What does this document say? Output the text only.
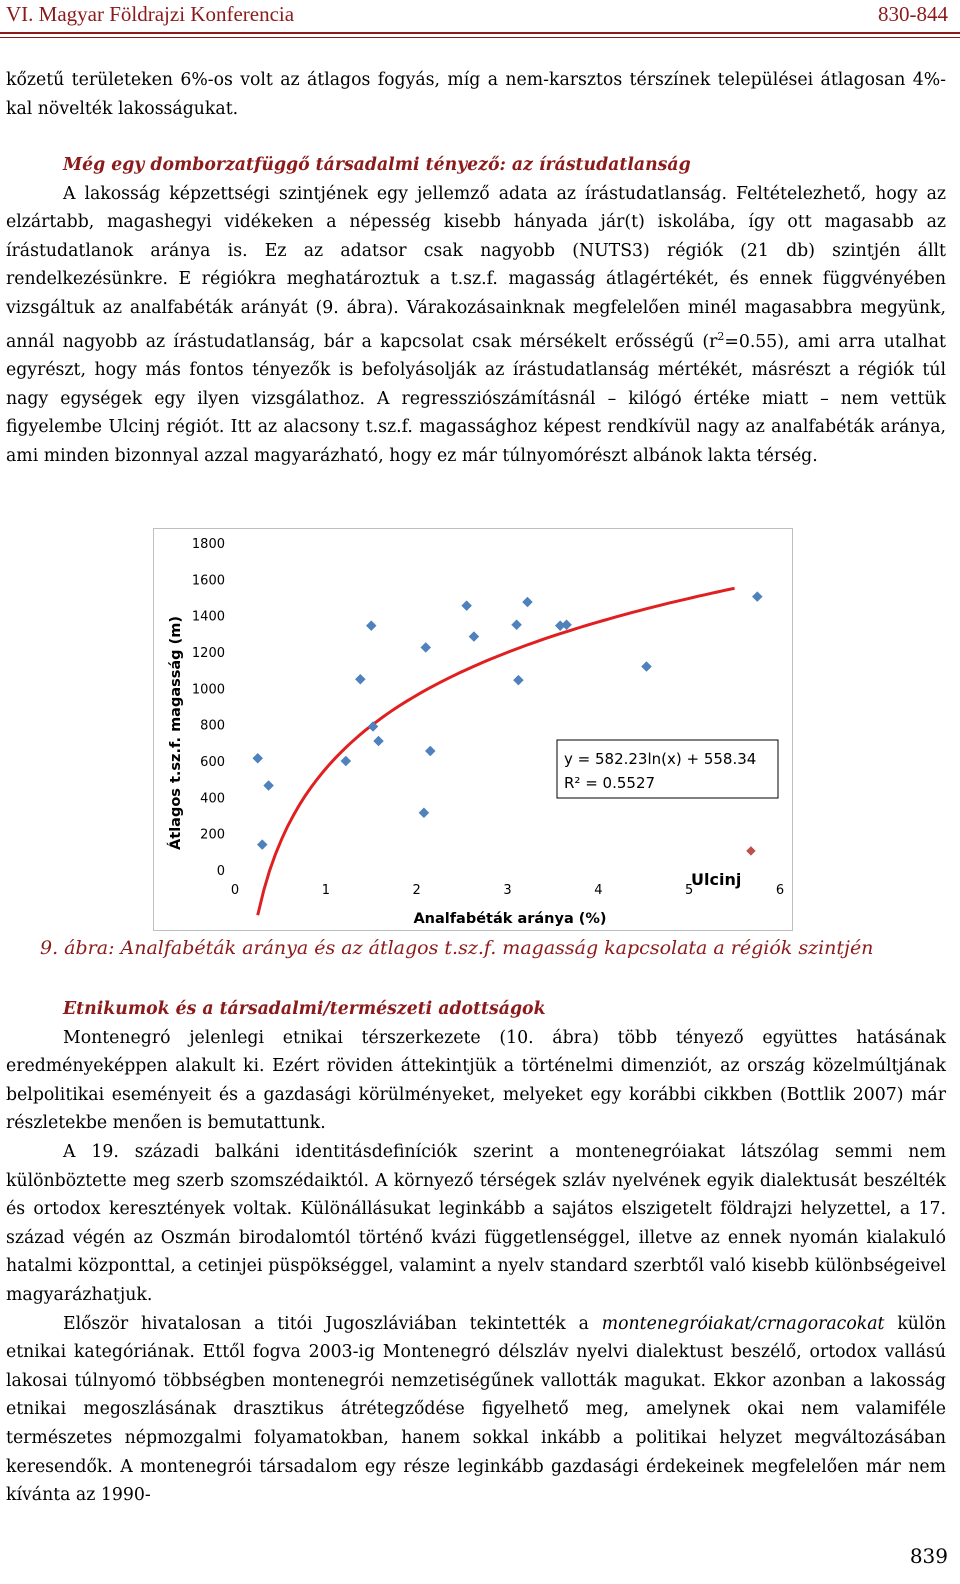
VI. Magyar Földrajzi Konferencia	830-844

kőzetű területeken 6%-os volt az átlagos fogyás, míg a nem-karsztos térszínek települései átlagosan 4%-kal növelték lakosságukat.

Még egy domborzatfüggő társadalmi tényező: az írástudatlanság

A lakosság képzettségi szintjének egy jellemző adata az írástudatlanság. Feltételezhető, hogy az elzártabb, magashegyi vidékeken a népesség kisebb hányada jár(t) iskolába, így ott magasabb az írástudatlanok aránya is. Ez az adatsor csak nagyobb (NUTS3) régiók (21 db) szintjén állt rendelkezésünkre. E régiókra meghatároztuk a t.sz.f. magasság átlagértékét, és ennek függvényében vizsgáltuk az analfabéták arányát (9. ábra). Várakozásainknak megfelelően minél magasabbra megyünk, annál nagyobb az írástudatlanság, bár a kapcsolat csak mérsékelt erősségű $(r^2=0.55)$, ami arra utalhat egyrészt, hogy más fontos tényezők is befolyásolják az írástudatlanság mértékét, másrészt a régiók túl nagy egységek egy ilyen vizsgálathoz. A regressziószámításnál – kilógó értéke miatt – nem vettük figyelembe Ulcinj régiót. Itt az alacsony t.sz.f. magassághoz képest rendkívül nagy az analfabéták aránya, ami minden bizonnyal azzal magyarázható, hogy ez már túlnyomórészt albánok lakta térség.

0
200
400
600
800
1000
1200
1400
1600
1800
0	1	2	3	4	5	6
y = 582.23ln(x) + 558.34
R² = 0.5527
Ulcinj
Átlagos t.sz.f. magasság (m)
Analfabéták aránya (%)
9. ábra: Analfabéták aránya és az átlagos t.sz.f. magasság kapcsolata a régiók szintjén

Etnikumok és a társadalmi/természeti adottságok

Montenegró jelenlegi etnikai térszerkezete (10. ábra) több tényező együttes hatásának eredményeképpen alakult ki. Ezért röviden áttekintjük a történelmi dimenziót, az ország közelmúltjának belpolitikai eseményeit és a gazdasági körülményeket, melyeket egy korábbi cikkben (Bottlik 2007) már részletekbe menően is bemutattunk.

A 19. századi balkáni identitásdefiníciók szerint a montenegróiakat látszólag semmi nem különböztette meg szerb szomszédaiktól. A környező térségek szláv nyelvének egyik dialektusát beszélték és ortodox keresztények voltak. Különállásukat leginkább a sajátos elszigetelt földrajzi helyzettel, a 17. század végén az Oszmán birodalomtól történő kvázi függetlenséggel, illetve az ennek nyomán kialakuló hatalmi központtal, a cetinjei püspökséggel, valamint a nyelv standard szerbtől való kisebb különbségeivel magyarázhatjuk.

Először hivatalosan a titói Jugoszláviában tekintették a montenegróiakat/crnagoracokat külön etnikai kategóriának. Ettől fogva 2003-ig Montenegró délszláv nyelvi dialektust beszélő, ortodox vallású lakosai túlnyomó többségben montenegrói nemzetiségűnek vallották magukat. Ekkor azonban a lakosság etnikai megoszlásának drasztikus átrétegződése figyelhető meg, amelynek okai nem valamiféle természetes népmozgalmi folyamatokban, hanem sokkal inkább a politikai helyzet megváltozásában keresendők. A montenegrói társadalom egy része leginkább gazdasági érdekeinek megfelelően már nem kívánta az 1990-

839
